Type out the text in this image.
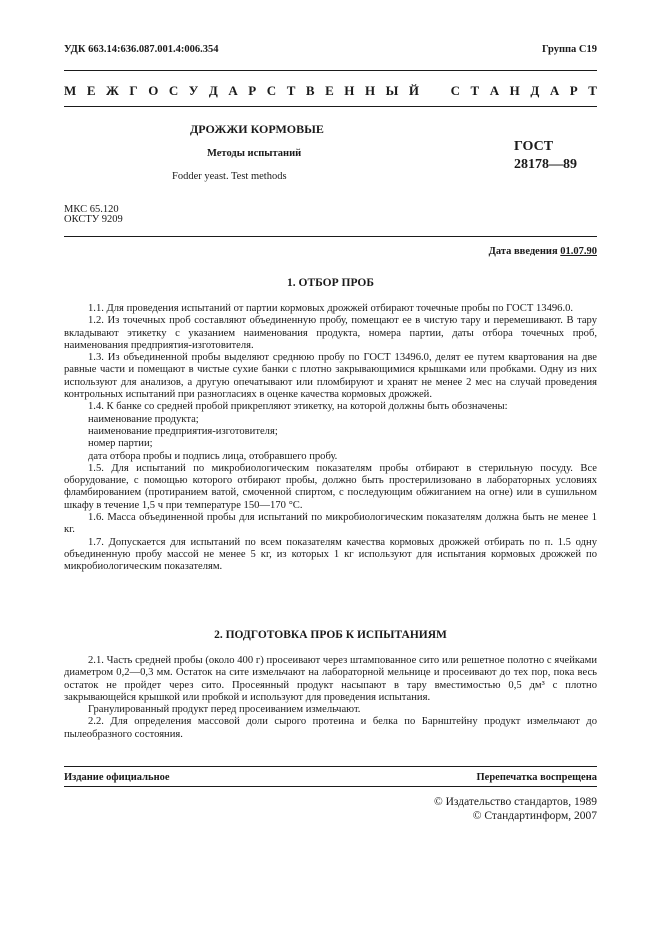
УДК 663.14:636.087.001.4:006.354	Группа С19
М Е Ж Г О С У Д А Р С Т В Е Н Н Ы Й С Т А Н Д А Р Т
ДРОЖЖИ КОРМОВЫЕ
Методы испытаний
Fodder yeast. Test methods
ГОСТ
28178—89
МКС 65.120
ОКСТУ 9209
Дата введения 01.07.90
1. ОТБОР ПРОБ

1.1. Для проведения испытаний от партии кормовых дрожжей отбирают точечные пробы по ГОСТ 13496.0.

1.2. Из точечных проб составляют объединенную пробу, помещают ее в чистую тару и перемешивают. В тару вкладывают этикетку с указанием наименования продукта, номера партии, даты отбора точечных проб, наименования предприятия-изготовителя.

1.3. Из объединенной пробы выделяют среднюю пробу по ГОСТ 13496.0, делят ее путем квартования на две равные части и помещают в чистые сухие банки с плотно закрывающимися крышками или пробками. Одну из них используют для анализов, а другую опечатывают или пломбируют и хранят не менее 2 мес на случай проведения контрольных испытаний при разногласиях в оценке качества кормовых дрожжей.

1.4. К банке со средней пробой прикрепляют этикетку, на которой должны быть обозначены:

наименование продукта;

наименование предприятия-изготовителя;

номер партии;

дата отбора пробы и подпись лица, отобравшего пробу.

1.5. Для испытаний по микробиологическим показателям пробы отбирают в стерильную посуду. Все оборудование, с помощью которого отбирают пробы, должно быть простерилизовано в лабораторных условиях фламбированием (протиранием ватой, смоченной спиртом, с последующим обжиганием на огне) или в сушильном шкафу в течение 1,5 ч при температуре 150—170 °С.

1.6. Масса объединенной пробы для испытаний по микробиологическим показателям должна быть не менее 1 кг.

1.7. Допускается для испытаний по всем показателям качества кормовых дрожжей отбирать по п. 1.5 одну объединенную пробу массой не менее 5 кг, из которых 1 кг используют для испытания кормовых дрожжей по микробиологическим показателям.

2. ПОДГОТОВКА ПРОБ К ИСПЫТАНИЯМ

2.1. Часть средней пробы (около 400 г) просеивают через штампованное сито или решетное полотно с ячейками диаметром 0,2—0,3 мм. Остаток на сите измельчают на лабораторной мельнице и просеивают до тех пор, пока весь остаток не пройдет через сито. Просеянный продукт насыпают в тару вместимостью 0,5 дм³ с плотно закрывающейся крышкой или пробкой и используют для проведения испытания.

Гранулированный продукт перед просеиванием измельчают.

2.2. Для определения массовой доли сырого протеина и белка по Барнштейну продукт измельчают до пылеобразного состояния.

Издание официальное	Перепечатка воспрещена
© Издательство стандартов, 1989
© Стандартинформ, 2007
